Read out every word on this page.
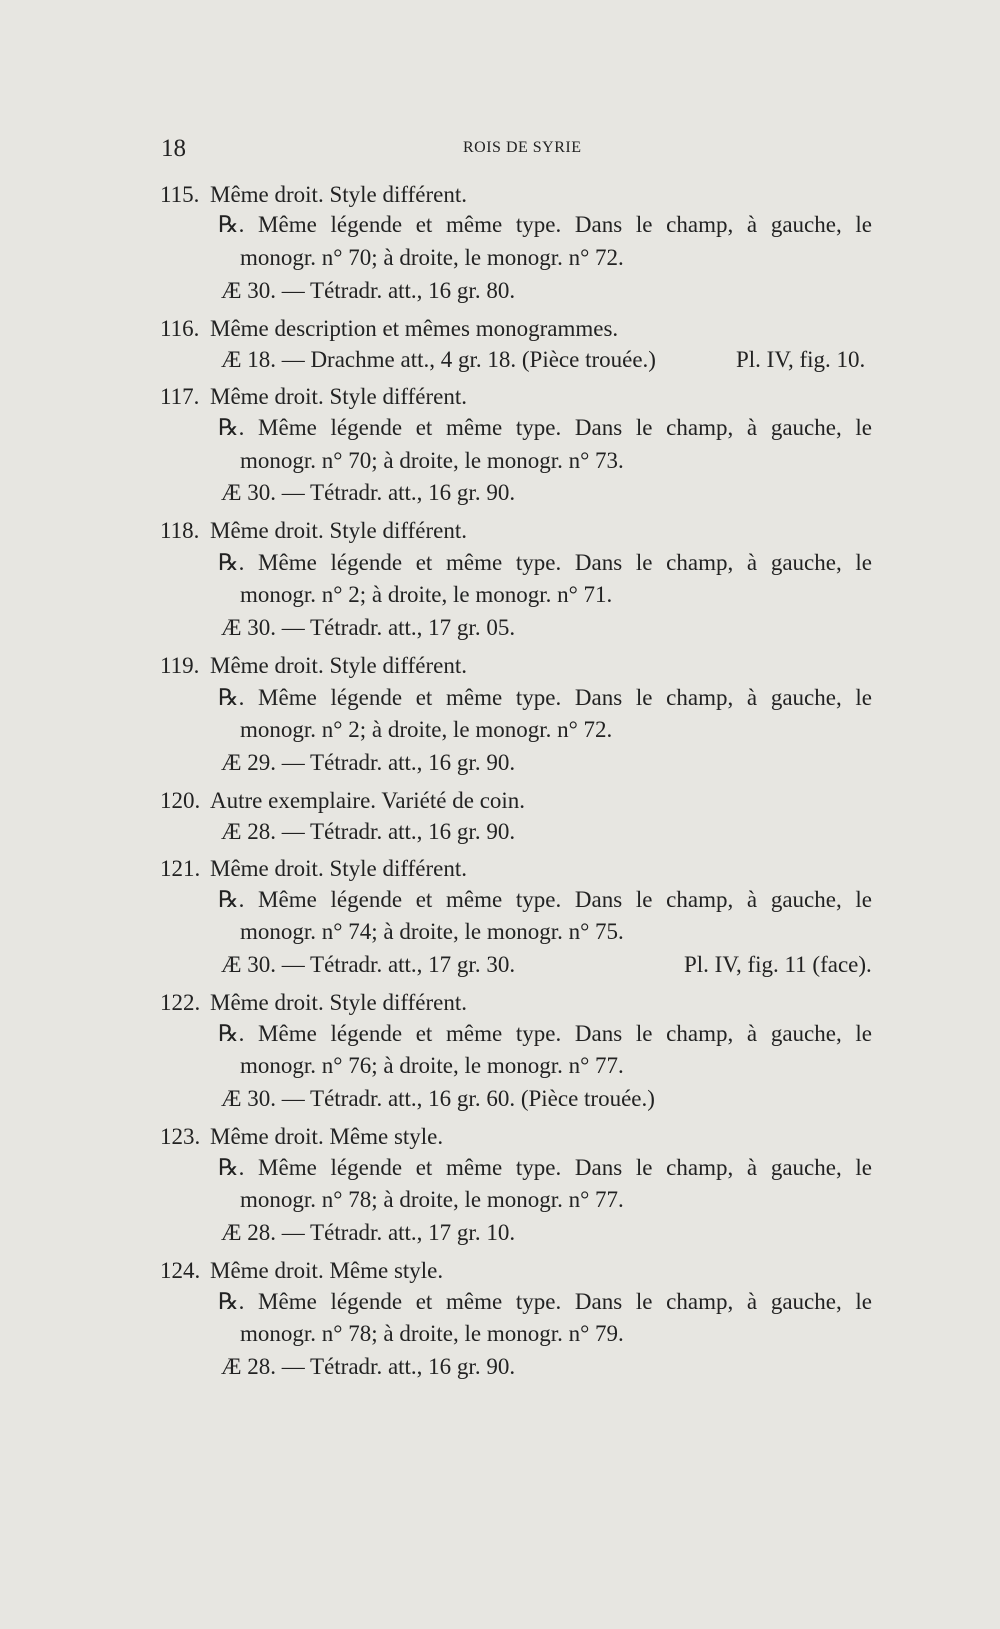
18	ROIS DE SYRIE
115. Même droit. Style différent.
℞. Même légende et même type. Dans le champ, à gauche, le
monogr. n° 70; à droite, le monogr. n° 72.
Æ 30. — Tétradr. att., 16 gr. 80.
116. Même description et mêmes monogrammes.
Æ 18. — Drachme att., 4 gr. 18. (Pièce trouée.)	Pl. IV, fig. 10.
117. Même droit. Style différent.
℞. Même légende et même type. Dans le champ, à gauche, le
monogr. n° 70; à droite, le monogr. n° 73.
Æ 30. — Tétradr. att., 16 gr. 90.
118. Même droit. Style différent.
℞. Même légende et même type. Dans le champ, à gauche, le
monogr. n° 2; à droite, le monogr. n° 71.
Æ 30. — Tétradr. att., 17 gr. 05.
119. Même droit. Style différent.
℞. Même légende et même type. Dans le champ, à gauche, le
monogr. n° 2; à droite, le monogr. n° 72.
Æ 29. — Tétradr. att., 16 gr. 90.
120. Autre exemplaire. Variété de coin.
Æ 28. — Tétradr. att., 16 gr. 90.
121. Même droit. Style différent.
℞. Même légende et même type. Dans le champ, à gauche, le
monogr. n° 74; à droite, le monogr. n° 75.
Æ 30. — Tétradr. att., 17 gr. 30.	Pl. IV, fig. 11 (face).
122. Même droit. Style différent.
℞. Même légende et même type. Dans le champ, à gauche, le
monogr. n° 76; à droite, le monogr. n° 77.
Æ 30. — Tétradr. att., 16 gr. 60. (Pièce trouée.)
123. Même droit. Même style.
℞. Même légende et même type. Dans le champ, à gauche, le
monogr. n° 78; à droite, le monogr. n° 77.
Æ 28. — Tétradr. att., 17 gr. 10.
124. Même droit. Même style.
℞. Même légende et même type. Dans le champ, à gauche, le
monogr. n° 78; à droite, le monogr. n° 79.
Æ 28. — Tétradr. att., 16 gr. 90.
